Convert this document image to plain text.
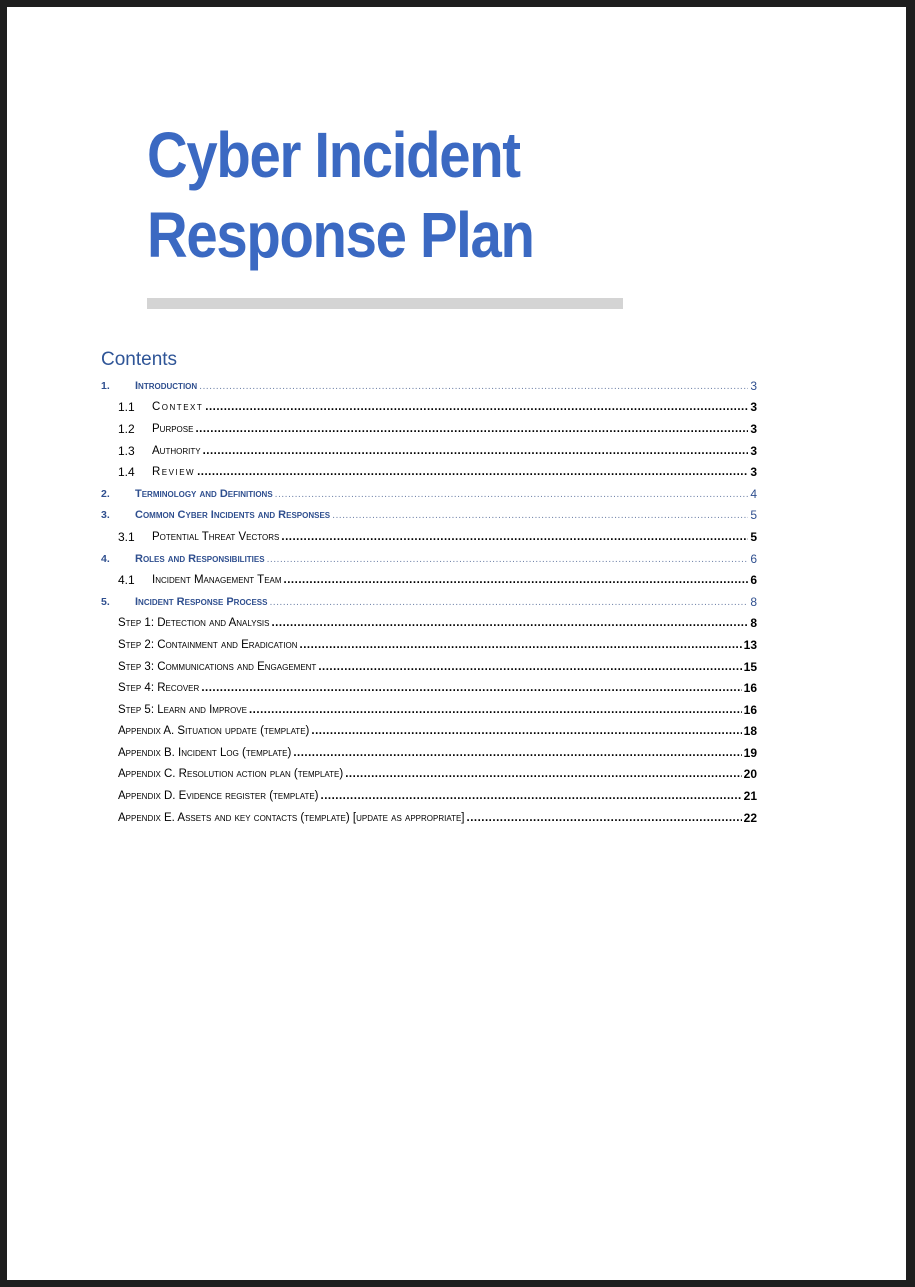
Cyber Incident
Response Plan
Contents
1.	Introduction .....	3
1.1	Context .....	3
1.2	Purpose .....	3
1.3	Authority .....	3
1.4	Review .....	3
2.	Terminology and Definitions .....	4
3.	Common Cyber Incidents and Responses .....	5
3.1	Potential Threat Vectors .....	5
4.	Roles and Responsibilities .....	6
4.1	Incident Management Team .....	6
5.	Incident Response Process .....	8
Step 1: Detection and Analysis .....	8
Step 2: Containment and Eradication .....	13
Step 3: Communications and Engagement .....	15
Step 4: Recover .....	16
Step 5: Learn and Improve .....	16
Appendix A. Situation update (template) .....	18
Appendix B. Incident Log (template) .....	19
Appendix C. Resolution action plan (template) .....	20
Appendix D. Evidence register (template) .....	21
Appendix E. Assets and key contacts (template) [update as appropriate] .....	22
